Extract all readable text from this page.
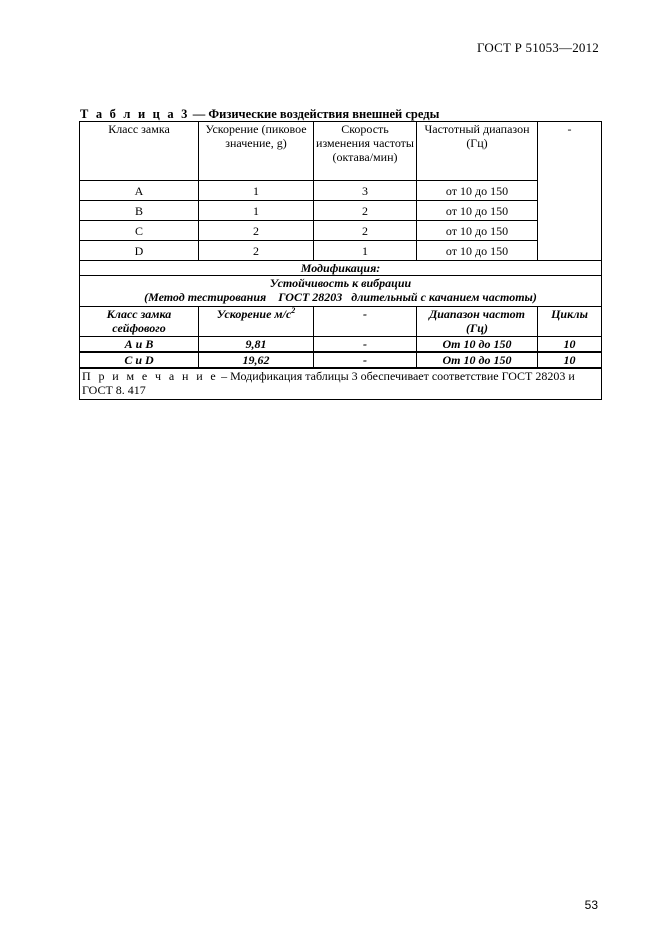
ГОСТ Р 51053—2012
Т а б л и ц а 3 — Физические воздействия внешней среды
Класс замка	Ускорение (пиковое значение, g)	Скорость изменения частоты (октава/мин)	Частотный диапазон (Гц)	-
A	1	3	от 10 до 150	
B	1	2	от 10 до 150	
C	2	2	от 10 до 150	
D	2	1	от 10 до 150	
Модификация:				

Устойчивость к вибрации
(Метод тестирования    ГОСТ 28203   длительный с качанием частоты)				

Класс замка сейфового	Ускорение $м/с^2$	-	Диапазон частот (Гц)	Циклы
А и В	9,81	-	От 10 до 150	10
С и D	19,62	-	От 10 до 150	10
П р и м е ч а н и е – Модификация таблицы 3 обеспечивает соответствие ГОСТ 28203 и ГОСТ 8. 417				
53
